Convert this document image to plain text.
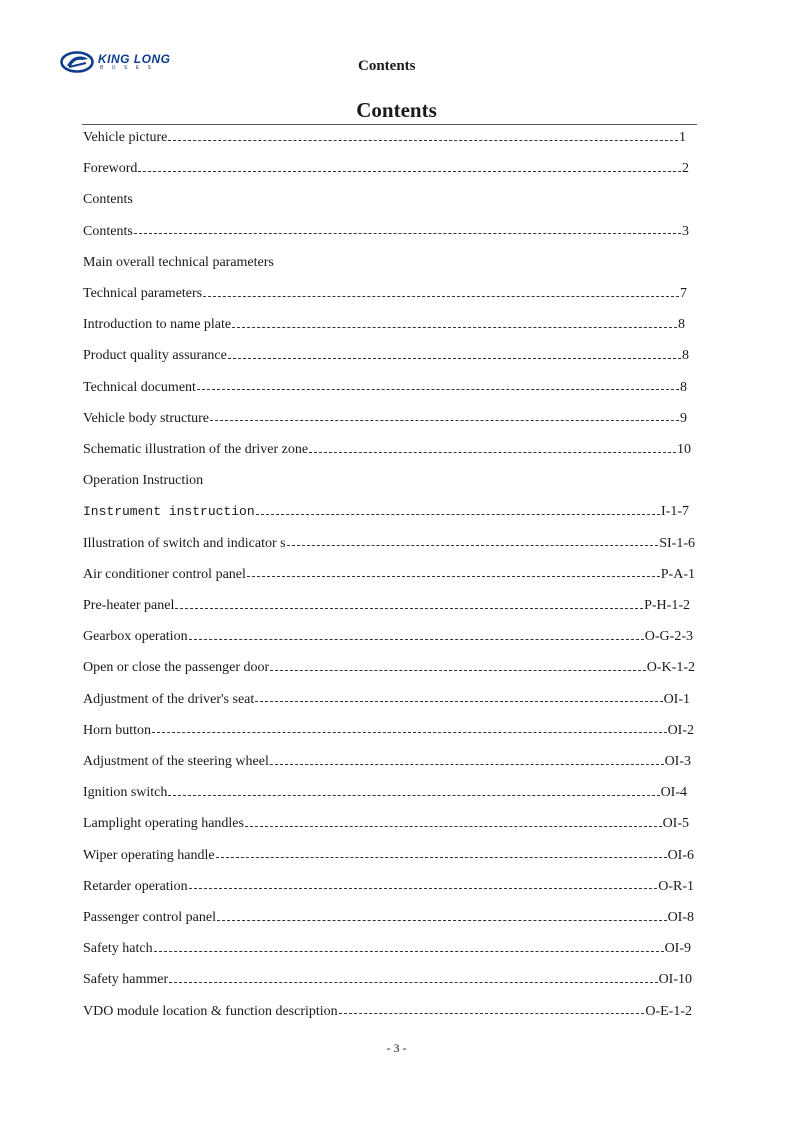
KING LONG
BUSES	Contents
Contents
Vehicle picture	1
Foreword	2
Contents
Contents	3
Main overall technical parameters
Technical parameters	7
Introduction to name plate	8
Product quality assurance	8
Technical document	8
Vehicle body structure	9
Schematic illustration of the driver zone	10
Operation Instruction
Instrument instruction	I-1-7
Illustration of switch and indicator s	SI-1-6
Air conditioner control panel	P-A-1
Pre-heater panel	P-H-1-2
Gearbox operation	O-G-2-3
Open or close the passenger door	O-K-1-2
Adjustment of the driver's seat	OI-1
Horn button	OI-2
Adjustment of the steering wheel	OI-3
Ignition switch	OI-4
Lamplight operating handles	OI-5
Wiper operating handle	OI-6
Retarder operation	O-R-1
Passenger control panel	OI-8
Safety hatch	OI-9
Safety hammer	OI-10
VDO module location & function description	O-E-1-2
- 3 -
